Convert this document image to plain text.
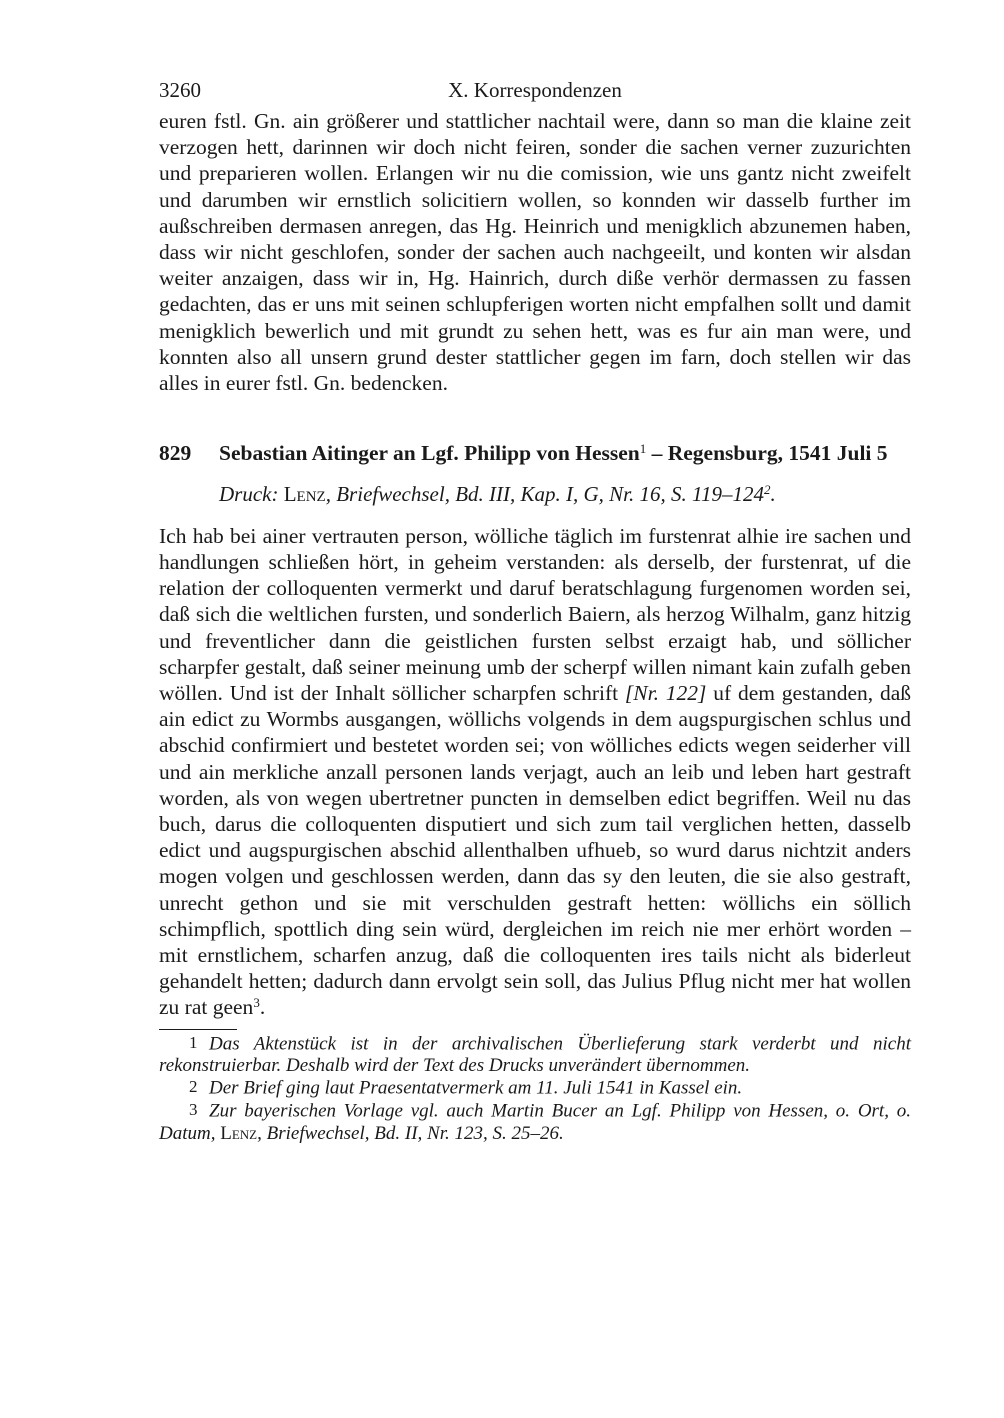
3260	X. Korrespondenzen

euren fstl. Gn. ain größerer und stattlicher nachtail were, dann so man die klaine zeit verzogen hett, darinnen wir doch nicht feiren, sonder die sachen verner zuzurichten und preparieren wollen. Erlangen wir nu die comission, wie uns gantz nicht zweifelt und darumben wir ernstlich solicitiern wollen, so konnden wir dasselb further im außschreiben dermasen anregen, das Hg. Heinrich und menigklich abzunemen haben, dass wir nicht geschlofen, sonder der sachen auch nachgeeilt, und konten wir alsdan weiter anzaigen, dass wir in, Hg. Hainrich, durch diße verhör dermassen zu fassen gedachten, das er uns mit seinen schlupferigen worten nicht empfalhen sollt und damit menigklich bewerlich und mit grundt zu sehen hett, was es fur ain man were, und konnten also all unsern grund dester stattlicher gegen im farn, doch stellen wir das alles in eurer fstl. Gn. bedencken.

829	Sebastian Aitinger an Lgf. Philipp von Hessen$^1$ – Regensburg, 1541 Juli 5
Druck: Lenz, Briefwechsel, Bd. III, Kap. I, G, Nr. 16, S. $119-124^2$.

Ich hab bei ainer vertrauten person, wölliche täglich im furstenrat alhie ire sachen und handlungen schließen hört, in geheim verstanden: als derselb, der furstenrat, uf die relation der colloquenten vermerkt und daruf beratschlagung furgenomen worden sei, daß sich die weltlichen fursten, und sonderlich Baiern, als herzog Wilhalm, ganz hitzig und freventlicher dann die geistlichen fursten selbst erzaigt hab, und söllicher scharpfer gestalt, daß seiner meinung umb der scherpf willen nimant kain zufalh geben wöllen. Und ist der Inhalt söllicher scharpfen schrift [Nr. 122] uf dem gestanden, daß ain edict zu Wormbs ausgangen, wöllichs volgends in dem augspurgischen schlus und abschid confirmiert und bestetet worden sei; von wölliches edicts wegen seiderher vill und ain merkliche anzall personen lands verjagt, auch an leib und leben hart gestraft worden, als von wegen ubertretner puncten in demselben edict begriffen. Weil nu das buch, darus die colloquenten disputiert und sich zum tail verglichen hetten, dasselb edict und augspurgischen abschid allenthalben ufhueb, so wurd darus nichtzit anders mogen volgen und geschlossen werden, dann das sy den leuten, die sie also gestraft, unrecht gethon und sie mit verschulden gestraft hetten: wöllichs ein söllich schimpflich, spottlich ding sein würd, dergleichen im reich nie mer erhört worden – mit ernstlichem, scharfen anzug, daß die colloquenten ires tails nicht als biderleut gehandelt hetten; dadurch dann ervolgt sein soll, das Julius Pflug nicht mer hat wollen zu rat geen$^3$.

1 Das Aktenstück ist in der archivalischen Überlieferung stark verderbt und nicht rekonstruierbar. Deshalb wird der Text des Drucks unverändert übernommen.

2 Der Brief ging laut Praesentatvermerk am 11. Juli 1541 in Kassel ein.

3 Zur bayerischen Vorlage vgl. auch Martin Bucer an Lgf. Philipp von Hessen, o. Ort, o. Datum, Lenz, Briefwechsel, Bd. II, Nr. 123, S. 25–26.
